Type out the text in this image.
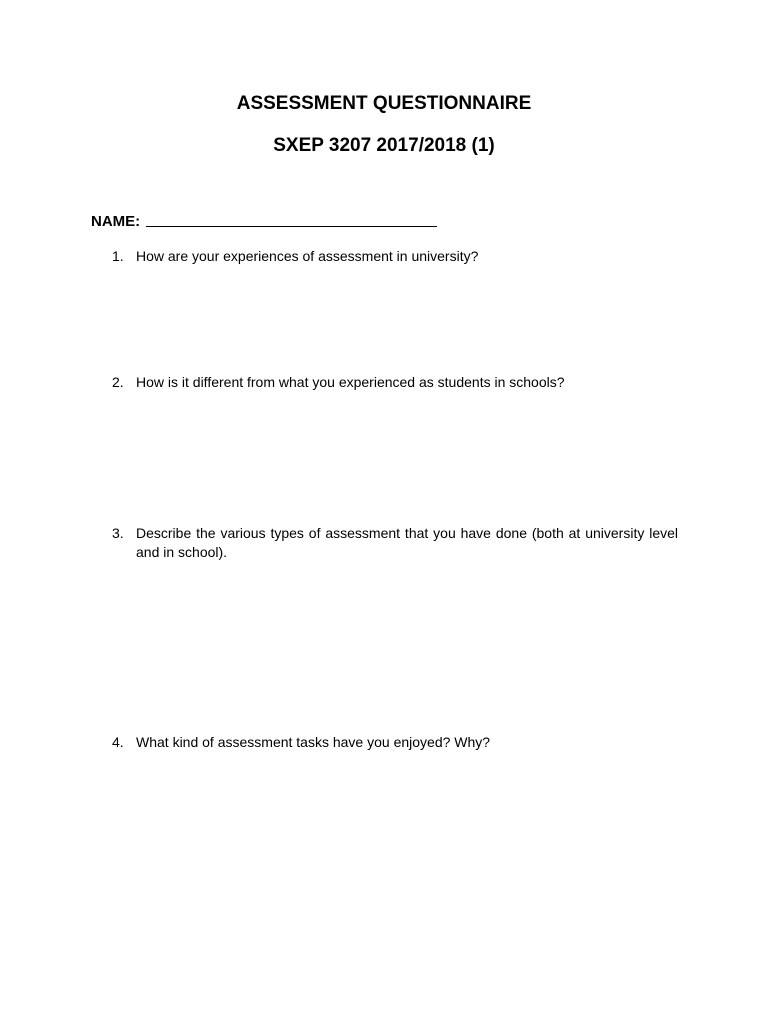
ASSESSMENT QUESTIONNAIRE
SXEP 3207 2017/2018 (1)
NAME:
1. How are your experiences of assessment in university?
2. How is it different from what you experienced as students in schools?
3. Describe the various types of assessment that you have done (both at university level and in school).
4. What kind of assessment tasks have you enjoyed? Why?
